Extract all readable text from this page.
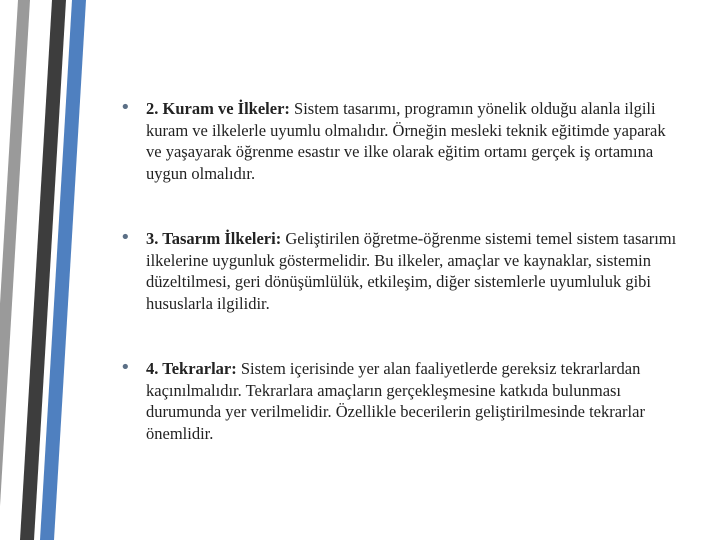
• 2. Kuram ve İlkeler: Sistem tasarımı, programın yönelik olduğu alanla ilgili kuram ve ilkelerle uyumlu olmalıdır. Örneğin mesleki teknik eğitimde yaparak ve yaşayarak öğrenme esastır ve ilke olarak eğitim ortamı gerçek iş ortamına uygun olmalıdır.
• 3. Tasarım İlkeleri: Geliştirilen öğretme-öğrenme sistemi temel sistem tasarımı ilkelerine uygunluk göstermelidir. Bu ilkeler, amaçlar ve kaynaklar, sistemin düzeltilmesi, geri dönüşümlülük, etkileşim, diğer sistemlerle uyumluluk gibi hususlarla ilgilidir.
• 4. Tekrarlar: Sistem içerisinde yer alan faaliyetlerde gereksiz tekrarlardan kaçınılmalıdır. Tekrarlara amaçların gerçekleşmesine katkıda bulunması durumunda yer verilmelidir. Özellikle becerilerin geliştirilmesinde tekrarlar önemlidir.
